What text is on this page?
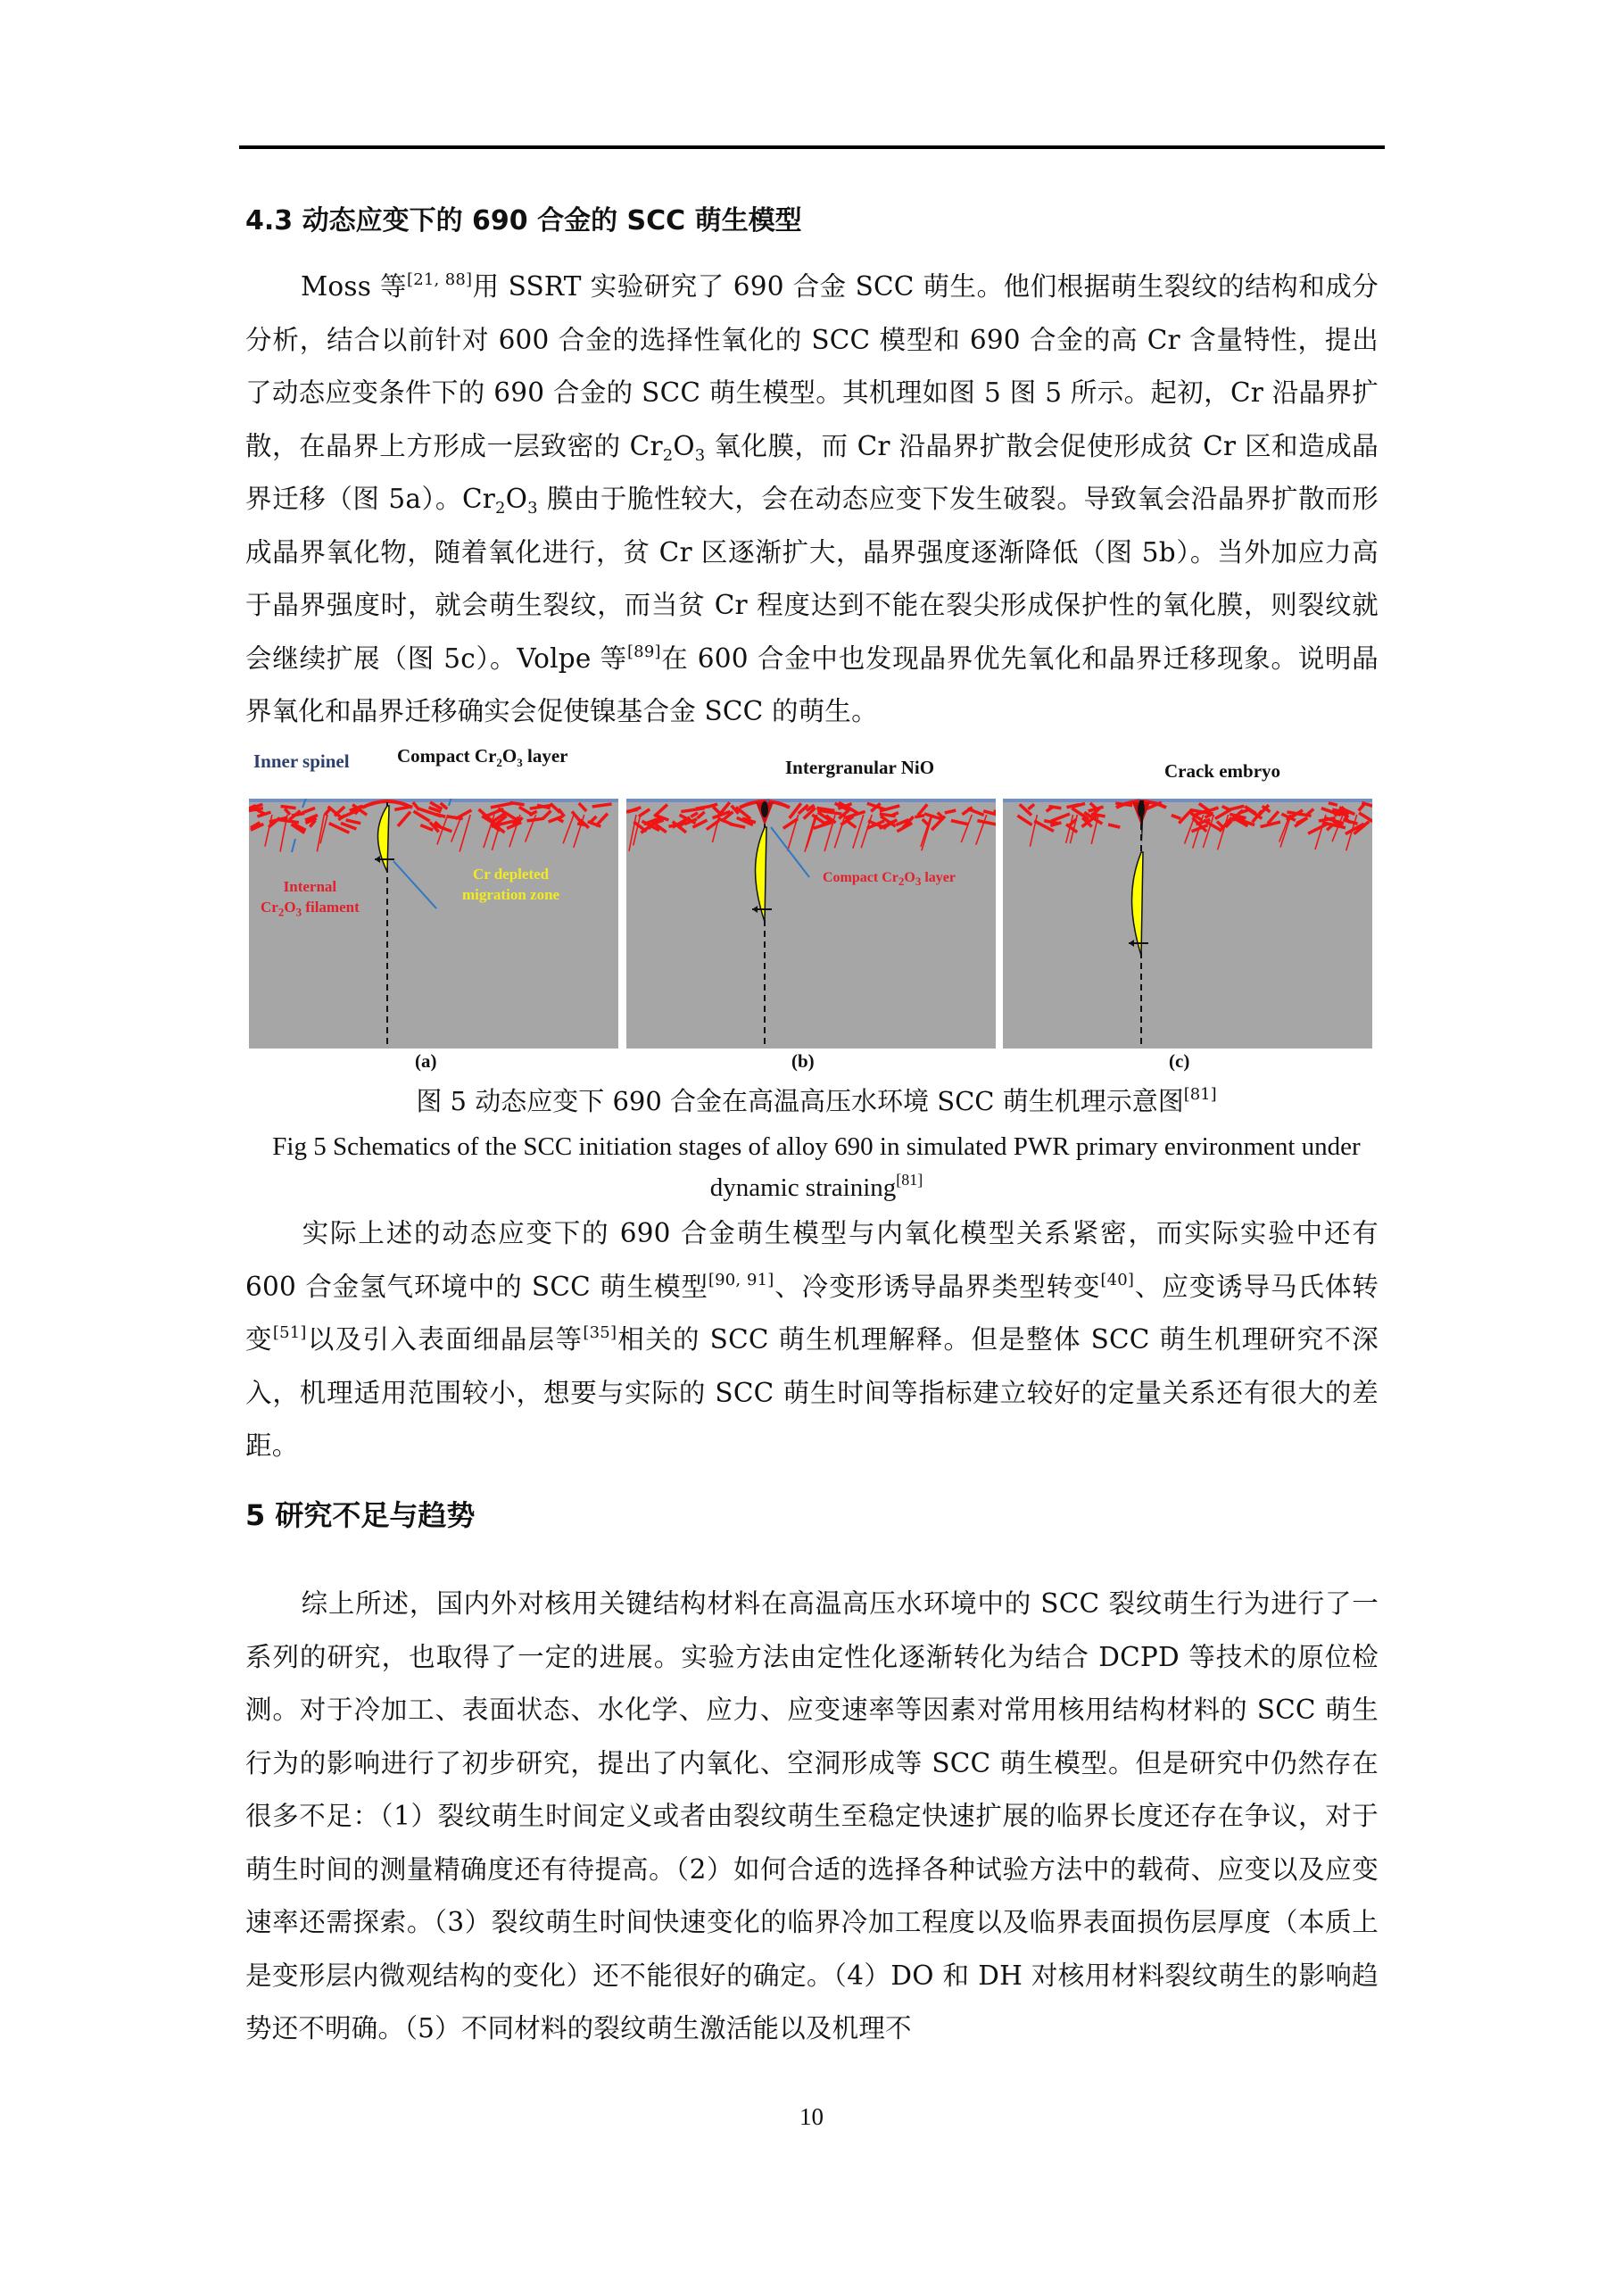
4.3 动态应变下的 690 合金的 SCC 萌生模型
Moss 等[21, 88]用 SSRT 实验研究了 690 合金 SCC 萌生。他们根据萌生裂纹的结构和成分分析，结合以前针对 600 合金的选择性氧化的 SCC 模型和 690 合金的高 Cr 含量特性，提出了动态应变条件下的 690 合金的 SCC 萌生模型。其机理如图 5 图 5 所示。起初，Cr 沿晶界扩散，在晶界上方形成一层致密的 $Cr_2O_3$ 氧化膜，而 Cr 沿晶界扩散会促使形成贫 Cr 区和造成晶界迁移（图 5a）。$Cr_2O_3$ 膜由于脆性较大，会在动态应变下发生破裂。导致氧会沿晶界扩散而形成晶界氧化物，随着氧化进行，贫 Cr 区逐渐扩大，晶界强度逐渐降低（图 5b）。当外加应力高于晶界强度时，就会萌生裂纹，而当贫 Cr 程度达到不能在裂尖形成保护性的氧化膜，则裂纹就会继续扩展（图 5c）。Volpe 等[89]在 600 合金中也发现晶界优先氧化和晶界迁移现象。说明晶界氧化和晶界迁移确实会促使镍基合金 SCC 的萌生。
Inner spinel	Compact $Cr_2O_3$ layer
Intergranular NiO	Crack embryo
Internal
$Cr_2O_3$ filament
Cr depleted
migration zone
Compact $Cr_2O_3$ layer
(a)	(b)	(c)
图 5 动态应变下 690 合金在高温高压水环境 SCC 萌生机理示意图[81]
Fig 5 Schematics of the SCC initiation stages of alloy 690 in simulated PWR primary environment under dynamic straining[81]
实际上述的动态应变下的 690 合金萌生模型与内氧化模型关系紧密，而实际实验中还有 600 合金氢气环境中的 SCC 萌生模型[90, 91]、冷变形诱导晶界类型转变[40]、应变诱导马氏体转变[51]以及引入表面细晶层等[35]相关的 SCC 萌生机理解释。但是整体 SCC 萌生机理研究不深入，机理适用范围较小，想要与实际的 SCC 萌生时间等指标建立较好的定量关系还有很大的差距。
5 研究不足与趋势
综上所述，国内外对核用关键结构材料在高温高压水环境中的 SCC 裂纹萌生行为进行了一系列的研究，也取得了一定的进展。实验方法由定性化逐渐转化为结合 DCPD 等技术的原位检测。对于冷加工、表面状态、水化学、应力、应变速率等因素对常用核用结构材料的 SCC 萌生行为的影响进行了初步研究，提出了内氧化、空洞形成等 SCC 萌生模型。但是研究中仍然存在很多不足：（1）裂纹萌生时间定义或者由裂纹萌生至稳定快速扩展的临界长度还存在争议，对于萌生时间的测量精确度还有待提高。（2）如何合适的选择各种试验方法中的载荷、应变以及应变速率还需探索。（3）裂纹萌生时间快速变化的临界冷加工程度以及临界表面损伤层厚度（本质上是变形层内微观结构的变化）还不能很好的确定。（4）DO 和 DH 对核用材料裂纹萌生的影响趋势还不明确。（5）不同材料的裂纹萌生激活能以及机理不
10
